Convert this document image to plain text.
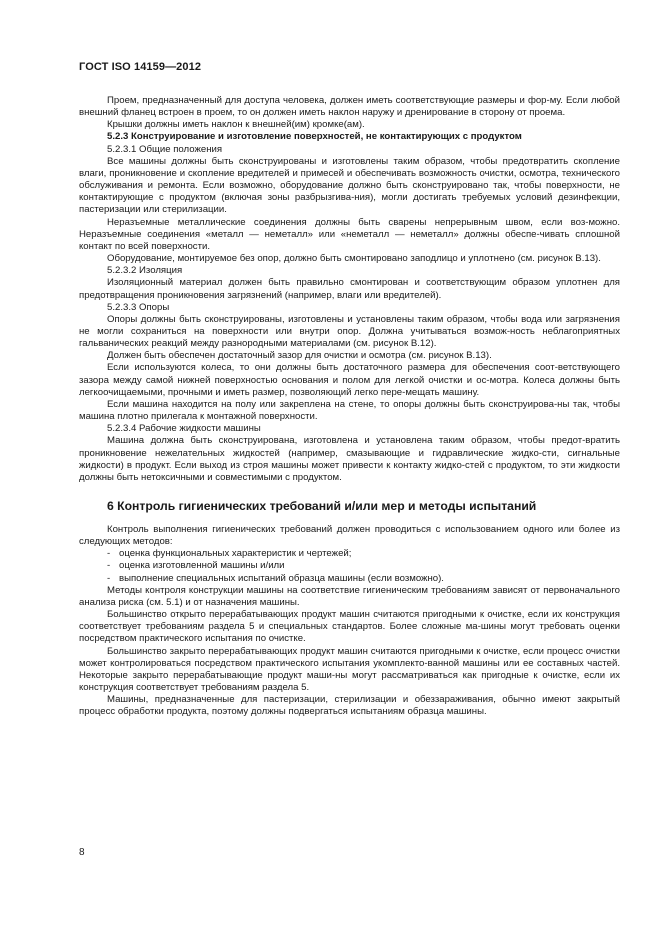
ГОСТ ISO 14159—2012

Проем, предназначенный для доступа человека, должен иметь соответствующие размеры и фор-му. Если любой внешний фланец встроен в проем, то он должен иметь наклон наружу и дренирование в сторону от проема.

Крышки должны иметь наклон к внешней(им) кромке(ам).

5.2.3 Конструирование и изготовление поверхностей, не контактирующих с продуктом

5.2.3.1 Общие положения

Все машины должны быть сконструированы и изготовлены таким образом, чтобы предотвратить скопление влаги, проникновение и скопление вредителей и примесей и обеспечивать возможность очистки, осмотра, технического обслуживания и ремонта. Если возможно, оборудование должно быть сконструировано так, чтобы поверхности, не контактирующие с продуктом (включая зоны разбрызгива-ния), могли достигать требуемых условий дезинфекции, пастеризации или стерилизации.

Неразъемные металлические соединения должны быть сварены непрерывным швом, если воз-можно. Неразъемные соединения «металл — неметалл» или «неметалл — неметалл» должны обеспе-чивать сплошной контакт по всей поверхности.

Оборудование, монтируемое без опор, должно быть смонтировано заподлицо и уплотнено (см. рисунок В.13).

5.2.3.2 Изоляция

Изоляционный материал должен быть правильно смонтирован и соответствующим образом уплотнен для предотвращения проникновения загрязнений (например, влаги или вредителей).

5.2.3.3 Опоры

Опоры должны быть сконструированы, изготовлены и установлены таким образом, чтобы вода или загрязнения не могли сохраниться на поверхности или внутри опор. Должна учитываться возмож-ность неблагоприятных гальванических реакций между разнородными материалами (см. рисунок В.12).

Должен быть обеспечен достаточный зазор для очистки и осмотра (см. рисунок В.13).

Если используются колеса, то они должны быть достаточного размера для обеспечения соот-ветствующего зазора между самой нижней поверхностью основания и полом для легкой очистки и ос-мотра. Колеса должны быть легкоочищаемыми, прочными и иметь размер, позволяющий легко пере-мещать машину.

Если машина находится на полу или закреплена на стене, то опоры должны быть сконструирова-ны так, чтобы машина плотно прилегала к монтажной поверхности.

5.2.3.4 Рабочие жидкости машины

Машина должна быть сконструирована, изготовлена и установлена таким образом, чтобы предот-вратить проникновение нежелательных жидкостей (например, смазывающие и гидравлические жидко-сти, сигнальные жидкости) в продукт. Если выход из строя машины может привести к контакту жидко-стей с продуктом, то эти жидкости должны быть нетоксичными и совместимыми с продуктом.

6 Контроль гигиенических требований и/или мер и методы испытаний

Контроль выполнения гигиенических требований должен проводиться с использованием одного или более из следующих методов:

- оценка функциональных характеристик и чертежей;

- оценка изготовленной машины и/или

- выполнение специальных испытаний образца машины (если возможно).

Методы контроля конструкции машины на соответствие гигиеническим требованиям зависят от первоначального анализа риска (см. 5.1) и от назначения машины.

Большинство открыто перерабатывающих продукт машин считаются пригодными к очистке, если их конструкция соответствует требованиям раздела 5 и специальных стандартов. Более сложные ма-шины могут требовать оценки посредством практического испытания по очистке.

Большинство закрыто перерабатывающих продукт машин считаются пригодными к очистке, если процесс очистки может контролироваться посредством практического испытания укомплекто-ванной машины или ее составных частей. Некоторые закрыто перерабатывающие продукт маши-ны могут рассматриваться как пригодные к очистке, если их конструкция соответствует требованиям раздела 5.

Машины, предназначенные для пастеризации, стерилизации и обеззараживания, обычно имеют закрытый процесс обработки продукта, поэтому должны подвергаться испытаниям образца машины.

8
